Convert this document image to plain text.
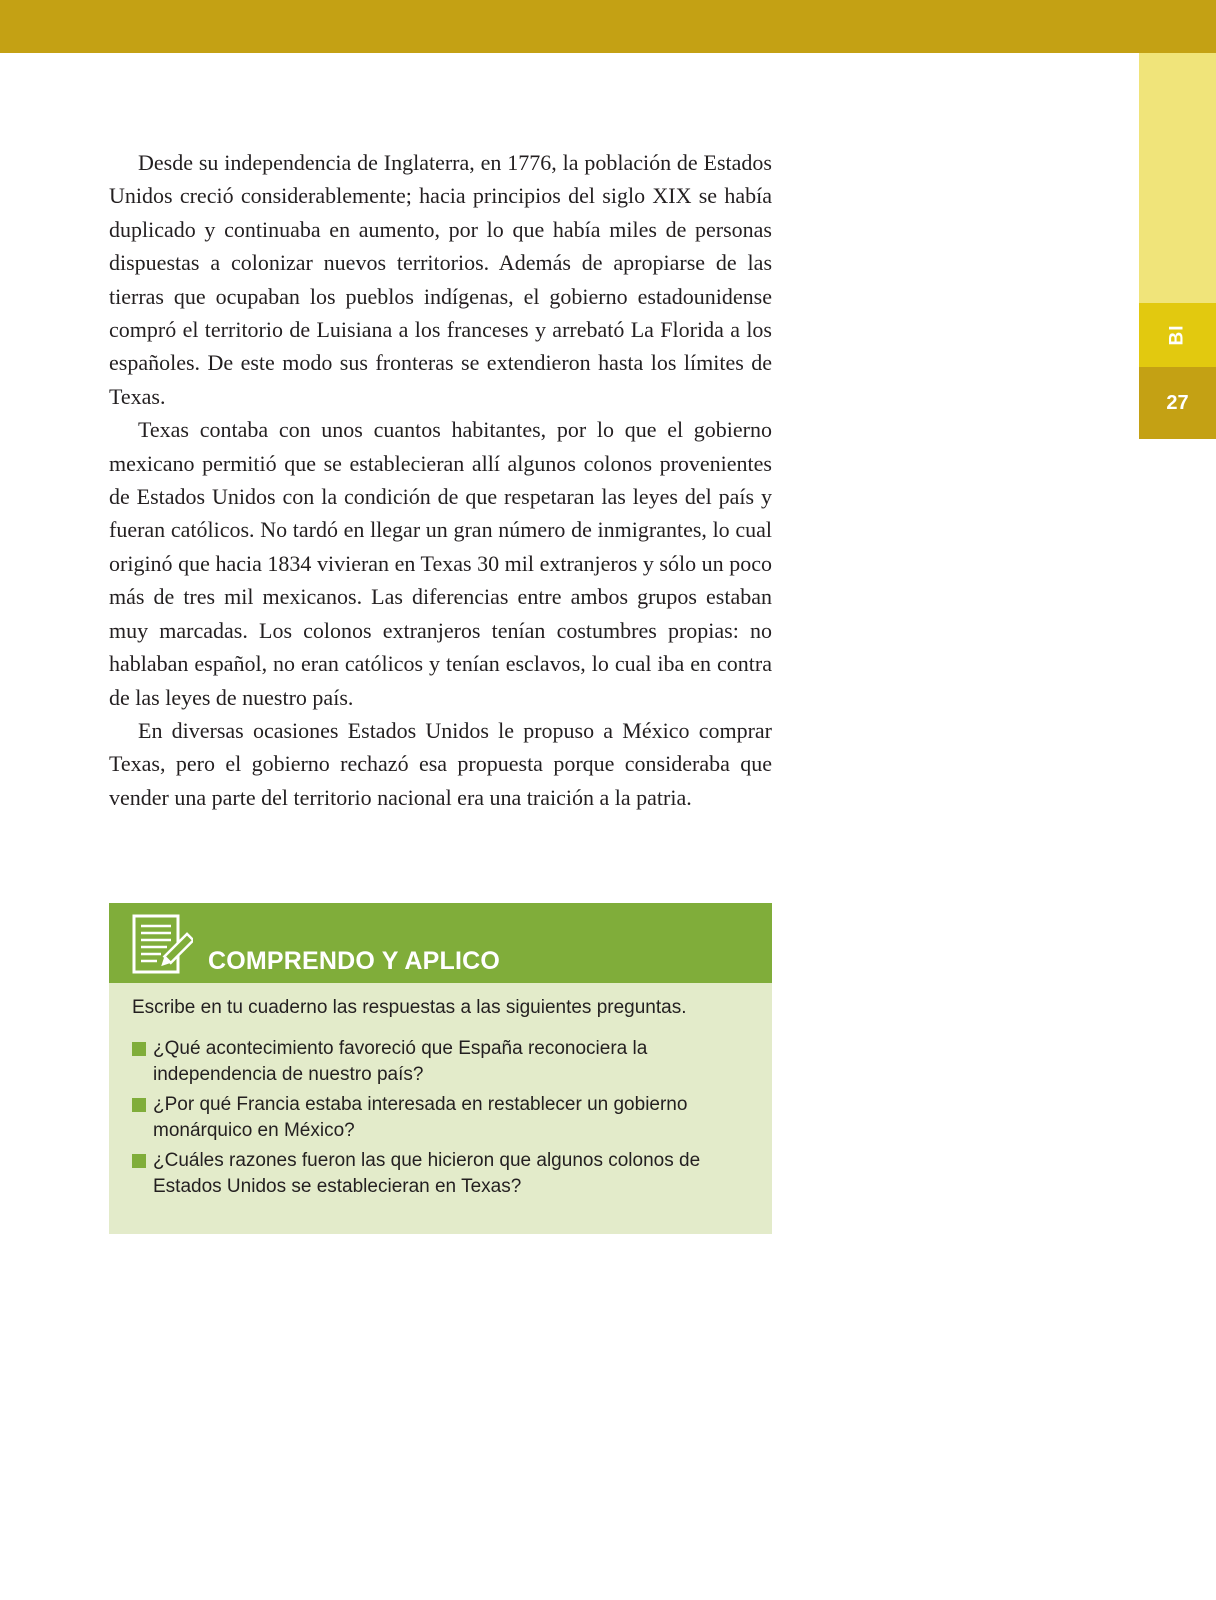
BI
27

Desde su independencia de Inglaterra, en 1776, la población de Estados Unidos creció considerablemente; hacia principios del siglo XIX se había duplicado y continuaba en aumento, por lo que había miles de personas dispuestas a colonizar nuevos territorios. Además de apropiarse de las tierras que ocupaban los pueblos indígenas, el gobierno estadounidense compró el territorio de Luisiana a los franceses y arrebató La Florida a los españoles. De este modo sus fronteras se extendieron hasta los límites de Texas.

Texas contaba con unos cuantos habitantes, por lo que el gobierno mexicano permitió que se establecieran allí algunos colonos provenientes de Estados Unidos con la condición de que respetaran las leyes del país y fueran católicos. No tardó en llegar un gran número de inmigrantes, lo cual originó que hacia 1834 vivieran en Texas 30 mil extranjeros y sólo un poco más de tres mil mexicanos. Las diferencias entre ambos grupos estaban muy marcadas. Los colonos extranjeros tenían costumbres propias: no hablaban español, no eran católicos y tenían esclavos, lo cual iba en contra de las leyes de nuestro país.

En diversas ocasiones Estados Unidos le propuso a México comprar Texas, pero el gobierno rechazó esa propuesta porque consideraba que vender una parte del territorio nacional era una traición a la patria.

COMPRENDO Y APLICO
Escribe en tu cuaderno las respuestas a las siguientes preguntas.
¿Qué acontecimiento favoreció que España reconociera la independencia de nuestro país?
¿Por qué Francia estaba interesada en restablecer un gobierno monárquico en México?
¿Cuáles razones fueron las que hicieron que algunos colonos de Estados Unidos se establecieran en Texas?
